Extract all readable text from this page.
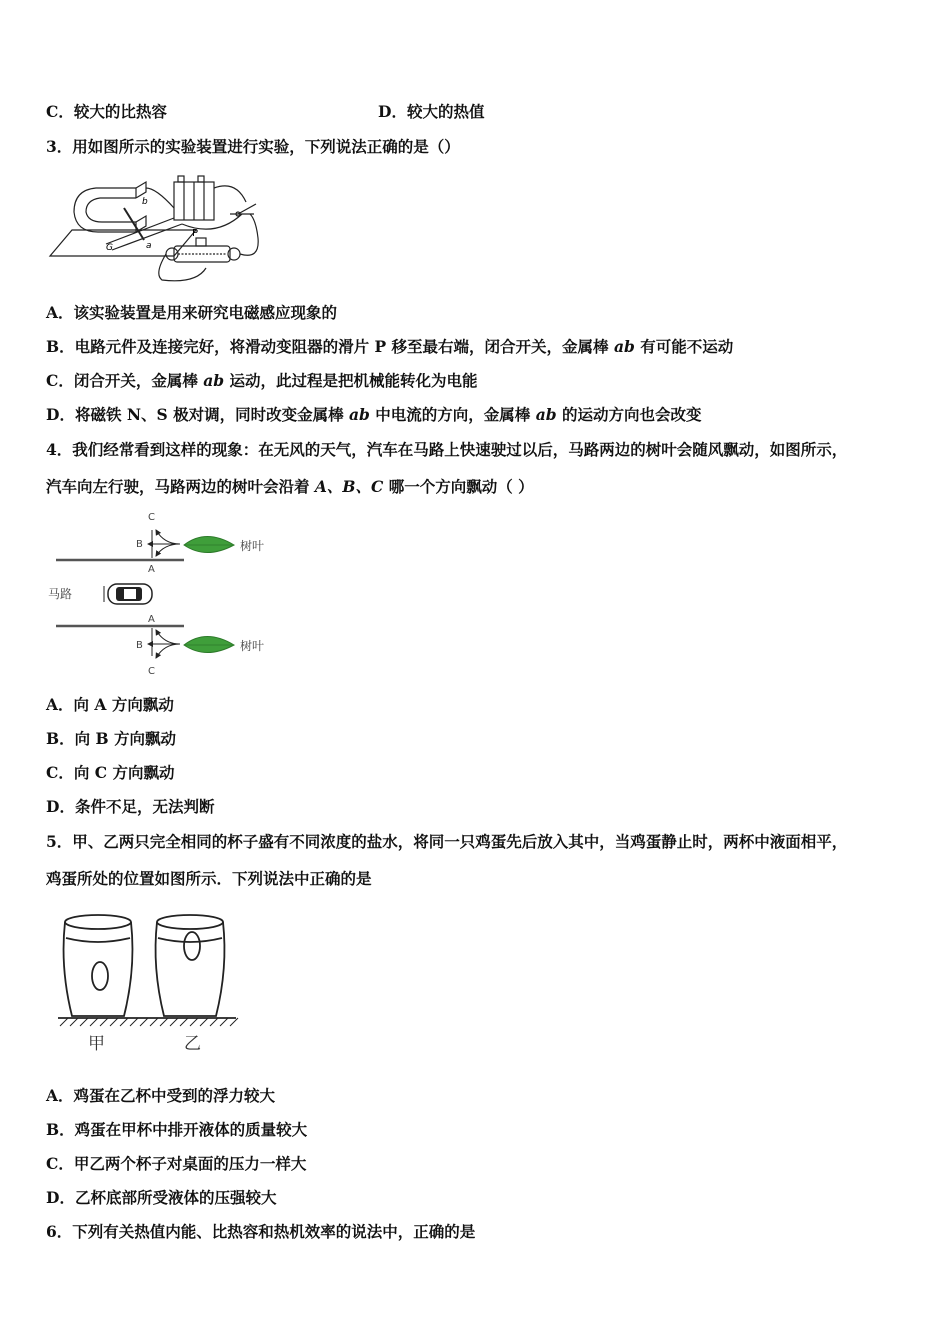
C．较大的比热容	D．较大的热值
3．用如图所示的实验装置进行实验，下列说法正确的是（）
b
a
G
P
A．该实验装置是用来研究电磁感应现象的
B．电路元件及连接完好，将滑动变阻器的滑片 P 移至最右端，闭合开关，金属棒 ab 有可能不运动
C．闭合开关，金属棒 ab 运动，此过程是把机械能转化为电能
D．将磁铁 N、S 极对调，同时改变金属棒 ab 中电流的方向，金属棒 ab 的运动方向也会改变
4．我们经常看到这样的现象：在无风的天气，汽车在马路上快速驶过以后，马路两边的树叶会随风飘动，如图所示，
汽车向左行驶，马路两边的树叶会沿着 A、B、C 哪一个方向飘动（ ）
C
B
A
A
B
C
马路
树叶
树叶
A．向 A 方向飘动
B．向 B 方向飘动
C．向 C 方向飘动
D．条件不足，无法判断
5．甲、乙两只完全相同的杯子盛有不同浓度的盐水，将同一只鸡蛋先后放入其中，当鸡蛋静止时，两杯中液面相平，
鸡蛋所处的位置如图所示．下列说法中正确的是
甲	乙
A．鸡蛋在乙杯中受到的浮力较大
B．鸡蛋在甲杯中排开液体的质量较大
C．甲乙两个杯子对桌面的压力一样大
D．乙杯底部所受液体的压强较大
6．下列有关热值内能、比热容和热机效率的说法中，正确的是
